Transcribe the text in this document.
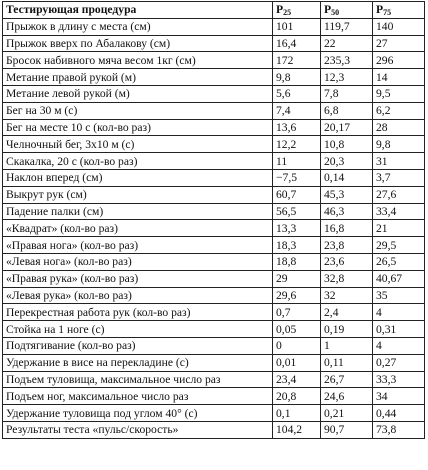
Тестирующая процедура	$P_{25}$	$P_{50}$	$P_{75}$
Прыжок в длину с места (см)	101	119,7	140
Прыжок вверх по Абалакову (см)	16,4	22	27
Бросок набивного мяча весом 1кг (см)	172	235,3	296
Метание правой рукой (м)	9,8	12,3	14
Метание левой рукой (м)	5,6	7,8	9,5
Бег на 30 м (с)	7,4	6,8	6,2
Бег на месте 10 с (кол-во раз)	13,6	20,17	28
Челночный бег, 3х10 м (с)	12,2	10,8	9,8
Скакалка, 20 с (кол-во раз)	11	20,3	31
Наклон вперед (см)	−7,5	0,14	3,7
Выкрут рук (см)	60,7	45,3	27,6
Падение палки (см)	56,5	46,3	33,4
«Квадрат» (кол-во раз)	13,3	16,8	21
«Правая нога» (кол-во раз)	18,3	23,8	29,5
«Левая нога» (кол-во раз)	18,8	23,6	26,5
«Правая рука» (кол-во раз)	29	32,8	40,67
«Левая рука» (кол-во раз)	29,6	32	35
Перекрестная работа рук (кол-во раз)	0,7	2,4	4
Стойка на 1 ноге (с)	0,05	0,19	0,31
Подтягивание (кол-во раз)	0	1	4
Удержание в висе на перекладине (с)	0,01	0,11	0,27
Подъем туловища, максимальное число раз	23,4	26,7	33,3
Подъем ног, максимальное число раз	20,8	24,6	34
Удержание туловища под углом 40° (с)	0,1	0,21	0,44
Результаты теста «пульс/скорость»	104,2	90,7	73,8
